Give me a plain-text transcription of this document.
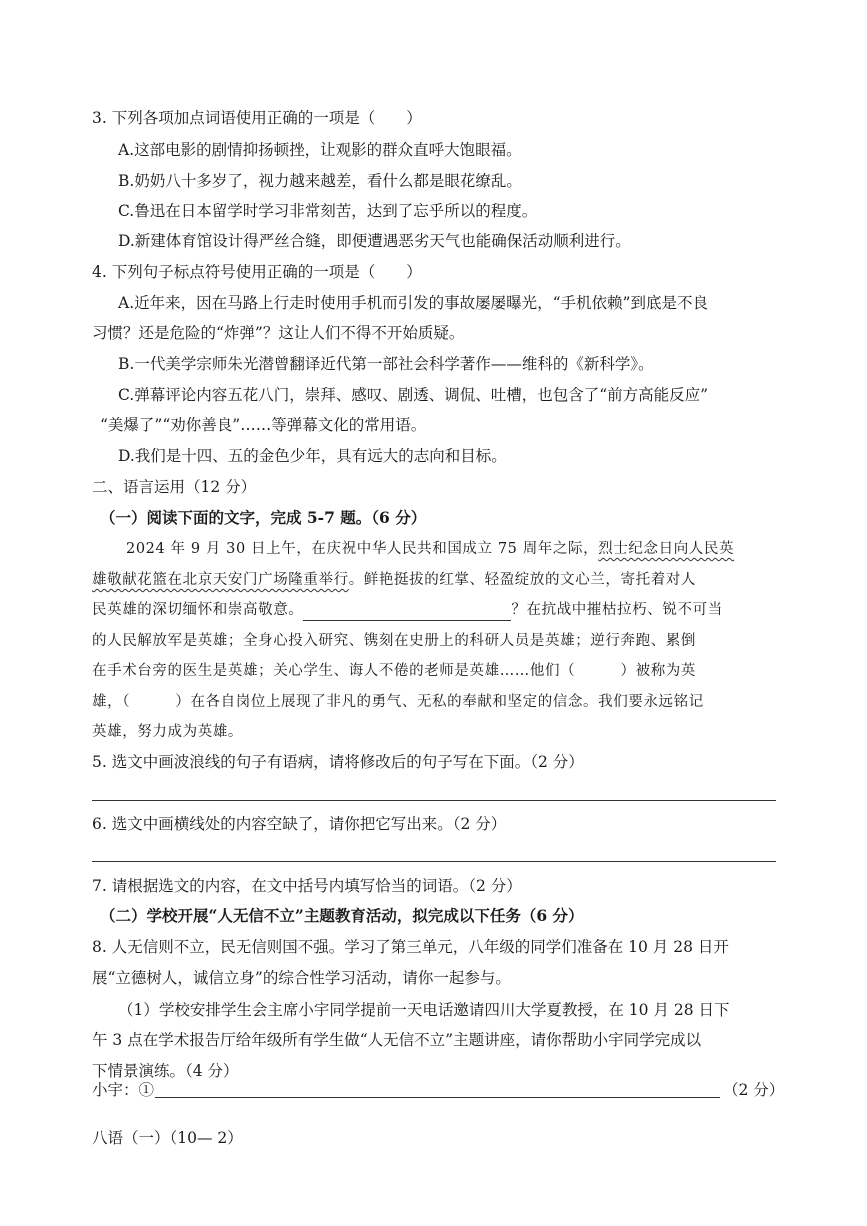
3. 下列各项加点词语使用正确的一项是（　　）

A.这部电影的剧情抑扬顿挫，让观影的群众直呼大饱眼福。

B.奶奶八十多岁了，视力越来越差，看什么都是眼花缭乱。

C.鲁迅在日本留学时学习非常刻苦，达到了忘乎所以的程度。

D.新建体育馆设计得严丝合缝，即便遭遇恶劣天气也能确保活动顺利进行。

4. 下列句子标点符号使用正确的一项是（　　）

A.近年来，因在马路上行走时使用手机而引发的事故屡屡曝光，“手机依赖”到底是不良

习惯？还是危险的“炸弹”？这让人们不得不开始质疑。

B.一代美学宗师朱光潜曾翻译近代第一部社会科学著作——维科的《新科学》。

C.弹幕评论内容五花八门，崇拜、感叹、剧透、调侃、吐槽，也包含了“前方高能反应”

“美爆了”“劝你善良”……等弹幕文化的常用语。

D.我们是十四、五的金色少年，具有远大的志向和目标。

二、语言运用（12 分）

（一）阅读下面的文字，完成 5-7 题。（6 分）

2024 年 9 月 30 日上午，在庆祝中华人民共和国成立 75 周年之际，烈士纪念日向人民英

雄敬献花篮在北京天安门广场隆重举行。鲜艳挺拔的红掌、轻盈绽放的文心兰，寄托着对人

民英雄的深切缅怀和崇高敬意。	？在抗战中摧枯拉朽、锐不可当

的人民解放军是英雄；全身心投入研究、镌刻在史册上的科研人员是英雄；逆行奔跑、累倒

在手术台旁的医生是英雄；关心学生、诲人不倦的老师是英雄……他们（　　　）被称为英

雄，（　　　）在各自岗位上展现了非凡的勇气、无私的奉献和坚定的信念。我们要永远铭记

英雄，努力成为英雄。

5. 选文中画波浪线的句子有语病，请将修改后的句子写在下面。（2 分）

6. 选文中画横线处的内容空缺了，请你把它写出来。（2 分）

7. 请根据选文的内容，在文中括号内填写恰当的词语。（2 分）

（二）学校开展“人无信不立”主题教育活动，拟完成以下任务（6 分）

8. 人无信则不立，民无信则国不强。学习了第三单元，八年级的同学们准备在 10 月 28 日开

展“立德树人，诚信立身”的综合性学习活动，请你一起参与。

（1）学校安排学生会主席小宇同学提前一天电话邀请四川大学夏教授，在 10 月 28 日下

午 3 点在学术报告厅给年级所有学生做“人无信不立”主题讲座，请你帮助小宇同学完成以

下情景演练。（4 分）

小宇：①	（2 分）

八语（一）（10— 2）
